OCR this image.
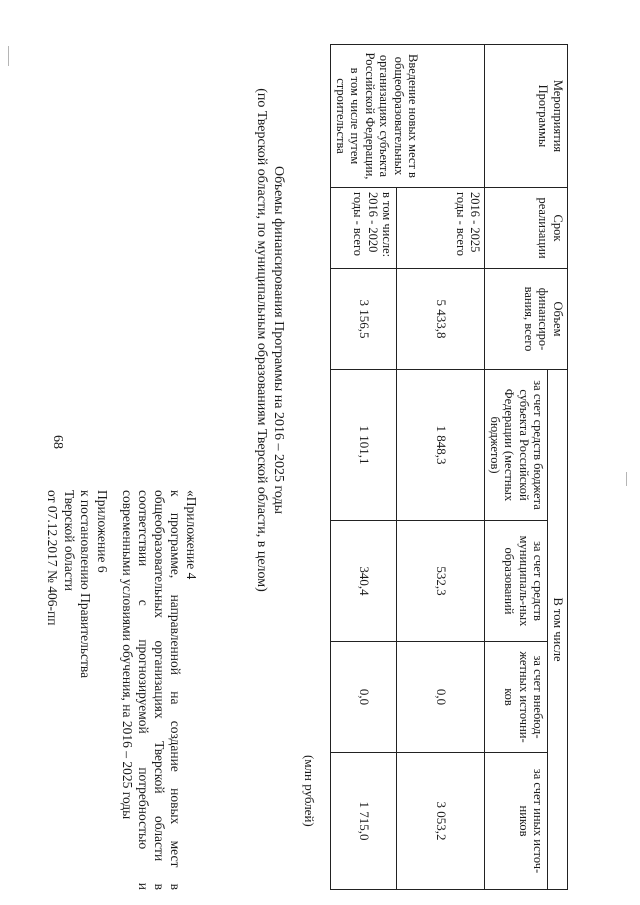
68
Приложение 6
к постановлению Правительства
Тверской области
от 07.12.2017 № 406-пп	«Приложение 4
к программе, направленной на создание новых мест в
общеобразовательных организациях Тверской области в
соответствии с прогнозируемой потребностью и
современными условиями обучения, на 2016 – 2025 годы
Объемы финансирования Программы на 2016 – 2025 годы
(по Тверской области, по муниципальным образованиям Тверской области, в целом)
(млн рублей)
Мероприятия Программы	Срок реализации	Объем финансиро-вания, всего	В том числе			
			за счет средств бюджета субъекта Российской Федерации (местных бюджетов)	за счет средств муниципаль-ных образований	за счет внебюд-жетных источни-ков	за счет иных источ-ников
Введение новых мест в общеобразовательных организациях субъекта Российской Федерации, в том числе путем строительства	2016 - 2025 годы - всего	5 433,8	1 848,3	532,3	0,0	3 053,2
	в том числе: 2016 - 2020 годы - всего	3 156,5	1 101,1	340,4	0,0	1 715,0
